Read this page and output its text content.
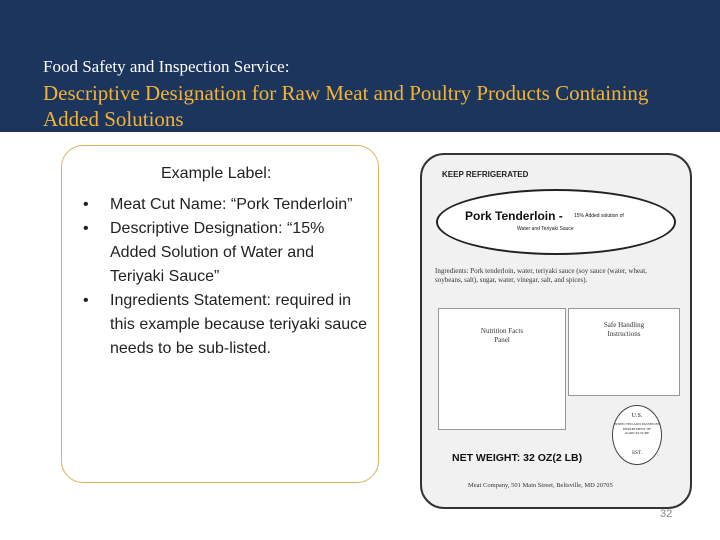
Food Safety and Inspection Service:
Descriptive Designation for Raw Meat and Poultry Products Containing Added Solutions
Example Label:
• Meat Cut Name: “Pork Tenderloin”
• Descriptive Designation: “15% Added Solution of Water and Teriyaki Sauce”
• Ingredients Statement: required in this example because teriyaki sauce needs to be sub-listed.
KEEP REFRIGERATED
Pork Tenderloin - 15% Added solution of
Water and Teriyaki Sauce
Ingredients: Pork tenderloin, water, teriyaki sauce (soy sauce (water, wheat, soybeans, salt), sugar, water, vinegar, salt, and spices).
Nutrition Facts
Panel
Safe Handling
Instructions
U.S.
INSPECTED AND PASSED BY DEPARTMENT OF AGRICULTURE
EST.
NET WEIGHT: 32 OZ(2 LB)
Meat Company, 501 Main Street, Beltsville, MD 20705
32
